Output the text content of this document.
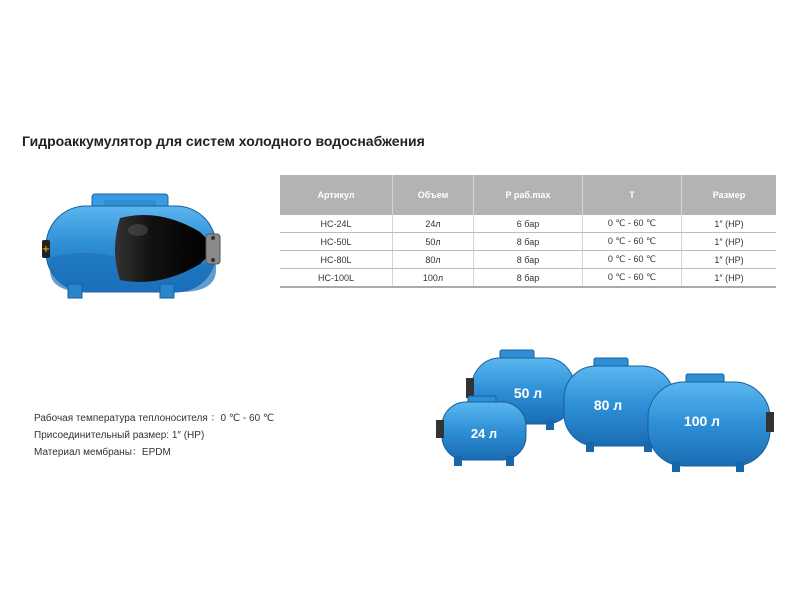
Гидроаккумулятор для систем холодного водоснабжения
+
Артикул	Объем	P раб.max	T	Размер
HC-24L	24л	6 бар	0 ℃ - 60 ℃	1″ (НР)
HC-50L	50л	8 бар	0 ℃ - 60 ℃	1″ (НР)
HC-80L	80л	8 бар	0 ℃ - 60 ℃	1″ (НР)
HC-100L	100л	8 бар	0 ℃ - 60 ℃	1″ (НР)
Рабочая температура теплоносителя ：0 ℃ - 60 ℃
Присоединительный размер: 1″ (НР)
Материал мембраны：EPDM
50 л
80 л
24 л
100 л
